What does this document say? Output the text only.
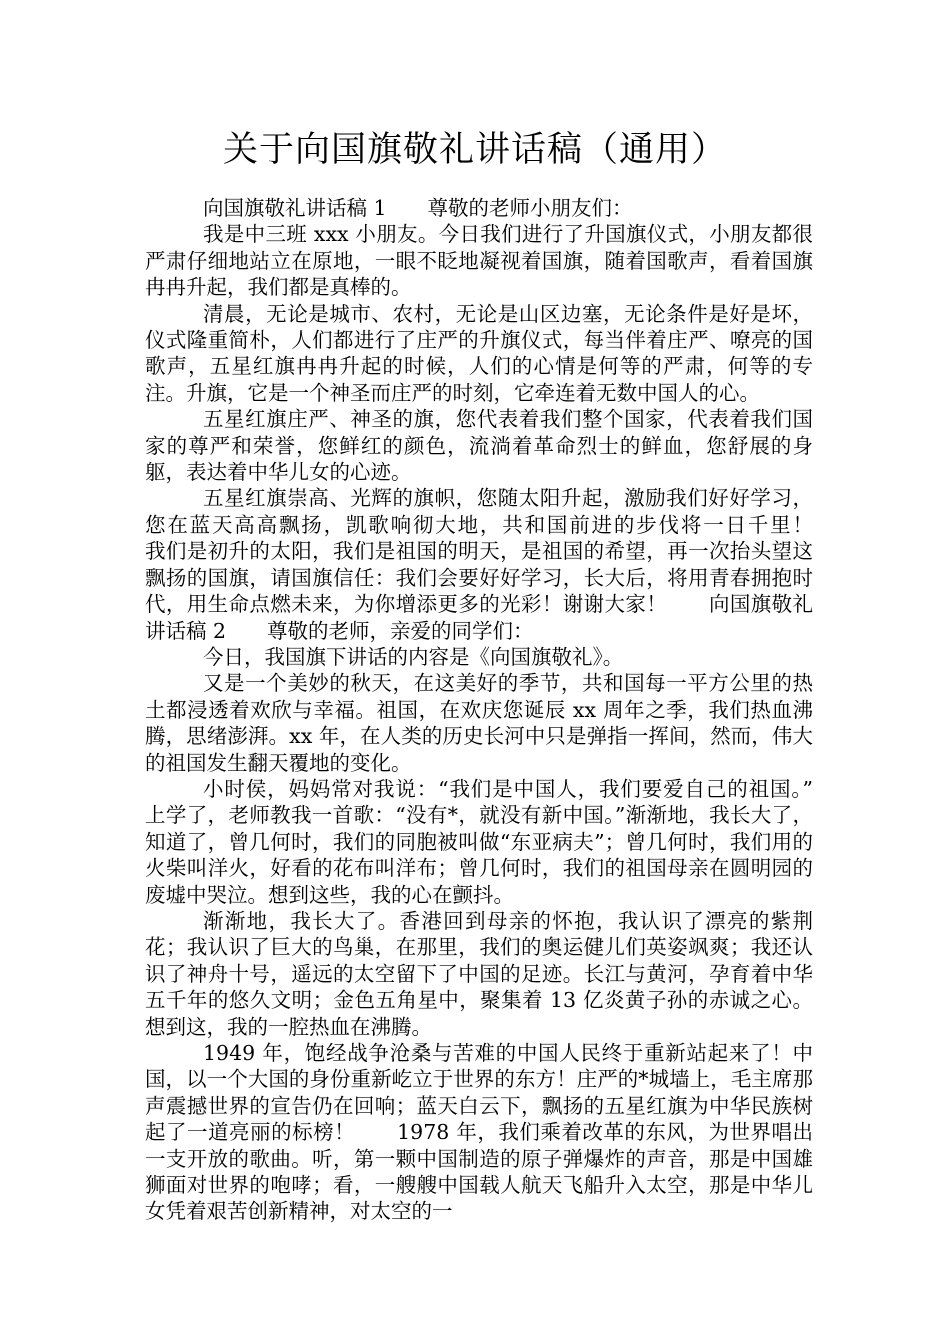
关于向国旗敬礼讲话稿（通用）

向国旗敬礼讲话稿 1　　尊敬的老师小朋友们：

我是中三班 xxx 小朋友。今日我们进行了升国旗仪式，小朋友都很严肃仔细地站立在原地，一眼不眨地凝视着国旗，随着国歌声，看着国旗冉冉升起，我们都是真棒的。

清晨，无论是城市、农村，无论是山区边塞，无论条件是好是坏，仪式隆重简朴，人们都进行了庄严的升旗仪式，每当伴着庄严、嘹亮的国歌声，五星红旗冉冉升起的时候，人们的心情是何等的严肃，何等的专注。升旗，它是一个神圣而庄严的时刻，它牵连着无数中国人的心。

五星红旗庄严、神圣的旗，您代表着我们整个国家，代表着我们国家的尊严和荣誉，您鲜红的颜色，流淌着革命烈士的鲜血，您舒展的身躯，表达着中华儿女的心迹。

五星红旗崇高、光辉的旗帜，您随太阳升起，激励我们好好学习，您在蓝天高高飘扬，凯歌响彻大地，共和国前进的步伐将一日千里！　　我们是初升的太阳，我们是祖国的明天，是祖国的希望，再一次抬头望这飘扬的国旗，请国旗信任：我们会要好好学习，长大后，将用青春拥抱时代，用生命点燃未来，为你增添更多的光彩！谢谢大家！　　向国旗敬礼讲话稿 2　　尊敬的老师，亲爱的同学们：

今日，我国旗下讲话的内容是《向国旗敬礼》。

又是一个美妙的秋天，在这美好的季节，共和国每一平方公里的热土都浸透着欢欣与幸福。祖国，在欢庆您诞辰 xx 周年之季，我们热血沸腾，思绪澎湃。xx 年，在人类的历史长河中只是弹指一挥间，然而，伟大的祖国发生翻天覆地的变化。

小时侯，妈妈常对我说：“我们是中国人，我们要爱自己的祖国。”　　上学了，老师教我一首歌：“没有*，就没有新中国。”渐渐地，我长大了，知道了，曾几何时，我们的同胞被叫做“东亚病夫”；曾几何时，我们用的火柴叫洋火，好看的花布叫洋布；曾几何时，我们的祖国母亲在圆明园的废墟中哭泣。想到这些，我的心在颤抖。

渐渐地，我长大了。香港回到母亲的怀抱，我认识了漂亮的紫荆花；我认识了巨大的鸟巢，在那里，我们的奥运健儿们英姿飒爽；我还认识了神舟十号，遥远的太空留下了中国的足迹。长江与黄河，孕育着中华五千年的悠久文明；金色五角星中，聚集着 13 亿炎黄子孙的赤诚之心。想到这，我的一腔热血在沸腾。

1949 年，饱经战争沧桑与苦难的中国人民终于重新站起来了！中国，以一个大国的身份重新屹立于世界的东方！庄严的*城墙上，毛主席那声震撼世界的宣告仍在回响；蓝天白云下，飘扬的五星红旗为中华民族树起了一道亮丽的标榜！　　1978 年，我们乘着改革的东风，为世界唱出一支开放的歌曲。听，第一颗中国制造的原子弹爆炸的声音，那是中国雄狮面对世界的咆哮；看，一艘艘中国载人航天飞船升入太空，那是中华儿女凭着艰苦创新精神，对太空的一
